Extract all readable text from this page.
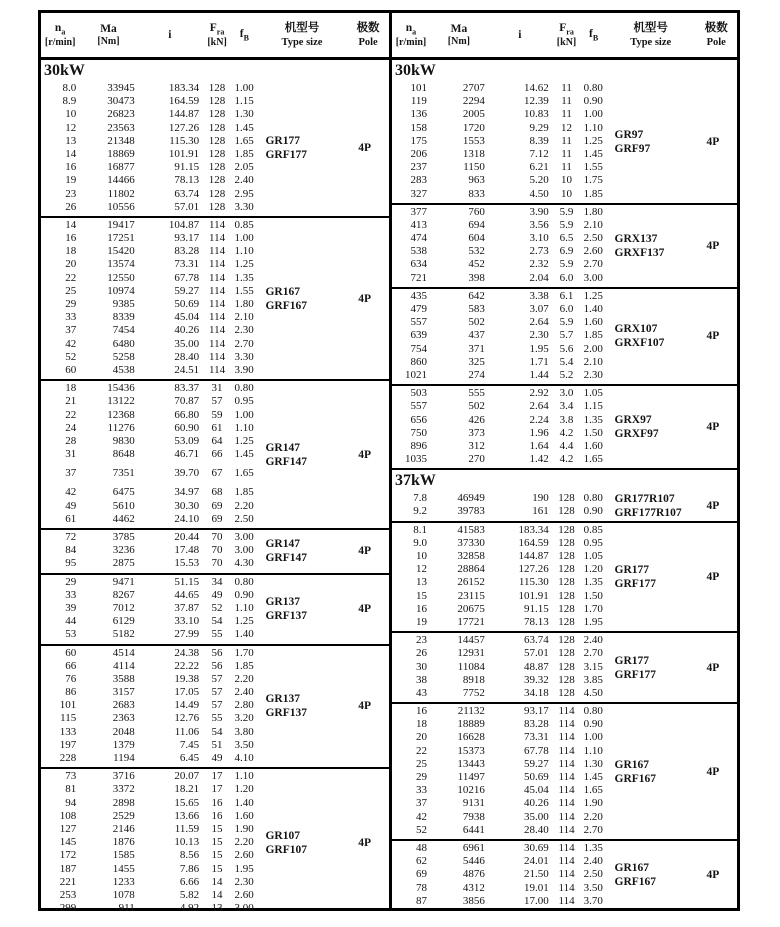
$n_a$
[r/min]
Ma
[Nm]
i
$F_{ra}$
[kN]
$f_B$
机型号
Type size
极数
Pole
30kW
8.0	33945	183.34 128 1.00
8.9	30473	164.59 128 1.15
10	26823	144.87 128 1.30
12	23563	127.26 128 1.45
13	21348	115.30 128 1.65
14	18869	101.91 128 1.85
16	16877	91.15 128 2.05
19	14466	78.13 128 2.40
23	11802	63.74 128 2.95
26	10556	57.01 128 3.30
GR177
GRF177
4P
14	19417	104.87 114 0.85
16	17251	93.17 114 1.00
18	15420	83.28 114 1.10
20	13574	73.31 114 1.25
22	12550	67.78 114 1.35
25	10974	59.27 114 1.55
29	9385	50.69 114 1.80
33	8339	45.04 114 2.10
37	7454	40.26 114 2.30
42	6480	35.00 114 2.70
52	5258	28.40 114 3.30
60	4538	24.51 114 3.90
GR167
GRF167
4P
18	15436	83.37	31	0.80
21	13122	70.87	57	0.95
22	12368	66.80	59	1.00
24	11276	60.90	61	1.10
28	9830	53.09	64	1.25
31	8648	46.71	66	1.45
37	7351	39.70	67	1.65
42	6475	34.97	68	1.85
49	5610	30.30	69	2.20
61	4462	24.10	69	2.50
GR147
GRF147
4P
72	3785	20.44	70	3.00
84	3236	17.48	70	3.00
95	2875	15.53	70	4.30
GR147
GRF147
4P
29	9471	51.15	34	0.80
33	8267	44.65	49	0.90
39	7012	37.87	52	1.10
44	6129	33.10	54	1.25
53	5182	27.99	55	1.40
GR137
GRF137
4P
60	4514	24.38	56	1.70
66	4114	22.22	56	1.85
76	3588	19.38	57	2.20
86	3157	17.05	57	2.40
101	2683	14.49	57	2.80
115	2363	12.76	55	3.20
133	2048	11.06	54	3.80
197	1379	7.45	51	3.50
228	1194	6.45	49	4.10
GR137
GRF137
4P
73	3716	20.07	17	1.10
81	3372	18.21	17	1.20
94	2898	15.65	16	1.40
108	2529	13.66	16	1.60
127	2146	11.59	15	1.90
145	1876	10.13	15	2.20
172	1585	8.56	15	2.60
187	1455	7.86	15	1.95
221	1233	6.66	14	2.30
253	1078	5.82	14	2.60
299	911	4.92	13	3.00
GR107
GRF107
4P
$n_a$
[r/min]
Ma
[Nm]
i
$F_{ra}$
[kN]
$f_B$
机型号
Type size
极数
Pole
30kW
101	2707	14.62	11	0.80
119	2294	12.39	11	0.90
136	2005	10.83	11	1.00
158	1720	9.29	12	1.10
175	1553	8.39	11	1.25
206	1318	7.12	11	1.45
237	1150	6.21	11	1.55
283	963	5.20	10	1.75
327	833	4.50	10	1.85
GR97
GRF97
4P
377	760	3.90 5.9 1.80
413	694	3.56 5.9 2.10
474	604	3.10 6.5 2.50
538	532	2.73 6.9 2.60
634	452	2.32 5.9 2.70
721	398	2.04 6.0 3.00
GRX137
GRXF137
4P
435	642	3.38 6.1 1.25
479	583	3.07 6.0 1.40
557	502	2.64 5.9 1.60
639	437	2.30 5.7 1.85
754	371	1.95 5.6 2.00
860	325	1.71 5.4 2.10
1021	274	1.44 5.2 2.30
GRX107
GRXF107
4P
503	555	2.92 3.0 1.05
557	502	2.64 3.4 1.15
656	426	2.24 3.8 1.35
750	373	1.96 4.2 1.50
896	312	1.64 4.4 1.60
1035	270	1.42 4.2 1.65
GRX97
GRXF97
4P
37kW
7.8	46949	190 128 0.80
9.2	39783	161 128 0.90
GR177R107
GRF177R107
4P
8.1	41583	183.34 128 0.85
9.0	37330	164.59 128 0.95
10	32858	144.87 128 1.05
12	28864	127.26 128 1.20
13	26152	115.30 128 1.35
15	23115	101.91 128 1.50
16	20675	91.15 128 1.70
19	17721	78.13 128 1.95
GR177
GRF177
4P
23	14457	63.74 128 2.40
26	12931	57.01 128 2.70
30	11084	48.87 128 3.15
38	8918	39.32 128 3.85
43	7752	34.18 128 4.50
GR177
GRF177
4P
16	21132	93.17 114 0.80
18	18889	83.28 114 0.90
20	16628	73.31 114 1.00
22	15373	67.78 114 1.10
25	13443	59.27 114 1.30
29	11497	50.69 114 1.45
33	10216	45.04 114 1.65
37	9131	40.26 114 1.90
42	7938	35.00 114 2.20
52	6441	28.40 114 2.70
GR167
GRF167
4P
48	6961	30.69 114 1.35
62	5446	24.01 114 2.40
69	4876	21.50 114 2.50
78	4312	19.01 114 3.50
87	3856	17.00 114 3.70
GR167
GRF167
4P
